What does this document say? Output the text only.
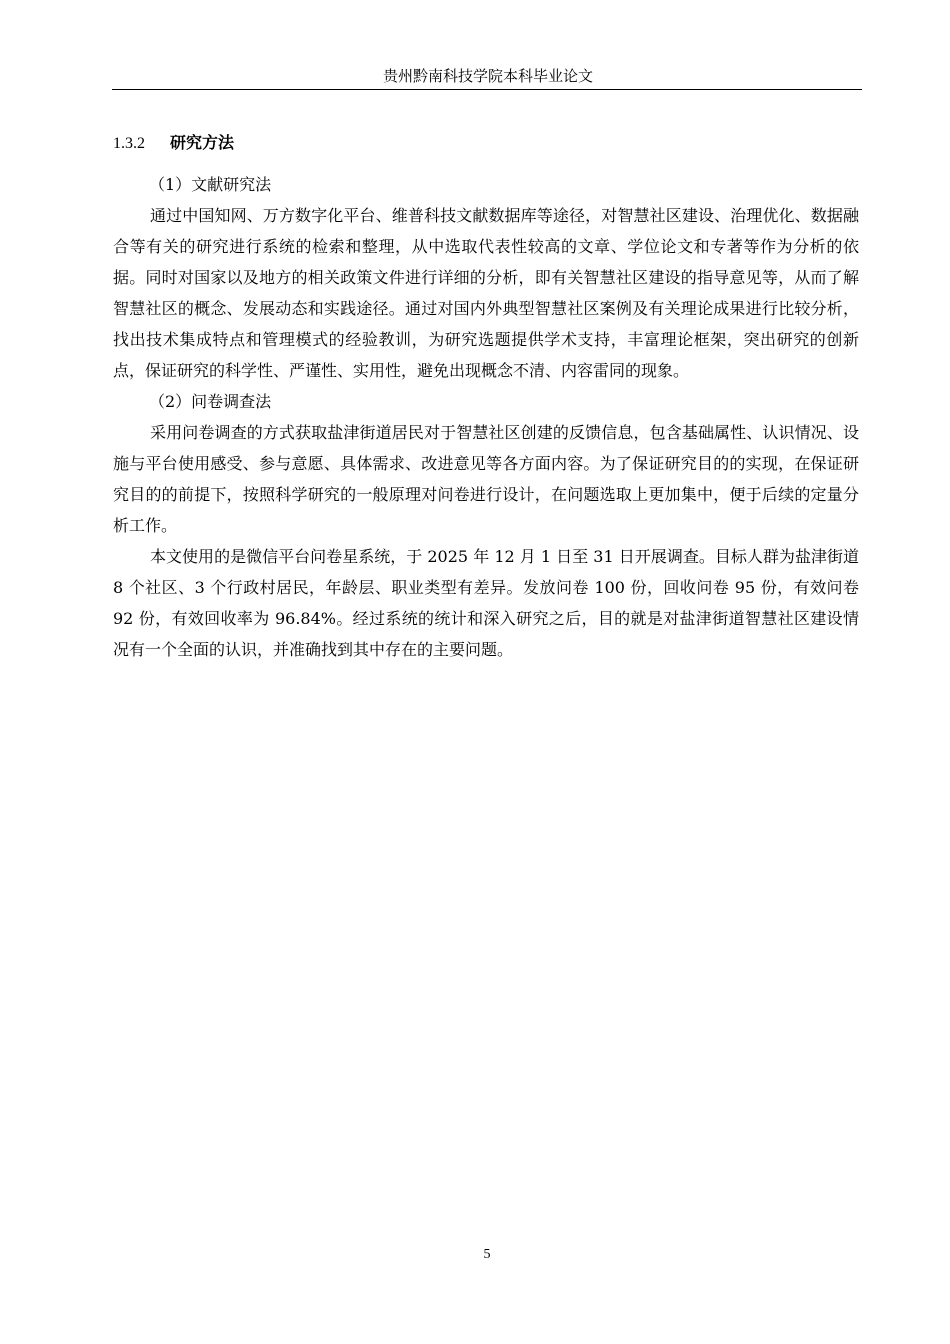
贵州黔南科技学院本科毕业论文
1.3.2 研究方法
（1）文献研究法

通过中国知网、万方数字化平台、维普科技文献数据库等途径，对智慧社区建设、治理优化、数据融合等有关的研究进行系统的检索和整理，从中选取代表性较高的文章、学位论文和专著等作为分析的依据。同时对国家以及地方的相关政策文件进行详细的分析，即有关智慧社区建设的指导意见等，从而了解智慧社区的概念、发展动态和实践途径。通过对国内外典型智慧社区案例及有关理论成果进行比较分析，找出技术集成特点和管理模式的经验教训，为研究选题提供学术支持，丰富理论框架，突出研究的创新点，保证研究的科学性、严谨性、实用性，避免出现概念不清、内容雷同的现象。

（2）问卷调查法

采用问卷调查的方式获取盐津街道居民对于智慧社区创建的反馈信息，包含基础属性、认识情况、设施与平台使用感受、参与意愿、具体需求、改进意见等各方面内容。为了保证研究目的的实现，在保证研究目的的前提下，按照科学研究的一般原理对问卷进行设计，在问题选取上更加集中，便于后续的定量分析工作。

本文使用的是微信平台问卷星系统，于 2025 年 12 月 1 日至 31 日开展调查。目标人群为盐津街道 8 个社区、3 个行政村居民，年龄层、职业类型有差异。发放问卷 100 份，回收问卷 95 份，有效问卷 92 份，有效回收率为 96.84%。经过系统的统计和深入研究之后，目的就是对盐津街道智慧社区建设情况有一个全面的认识，并准确找到其中存在的主要问题。

5
